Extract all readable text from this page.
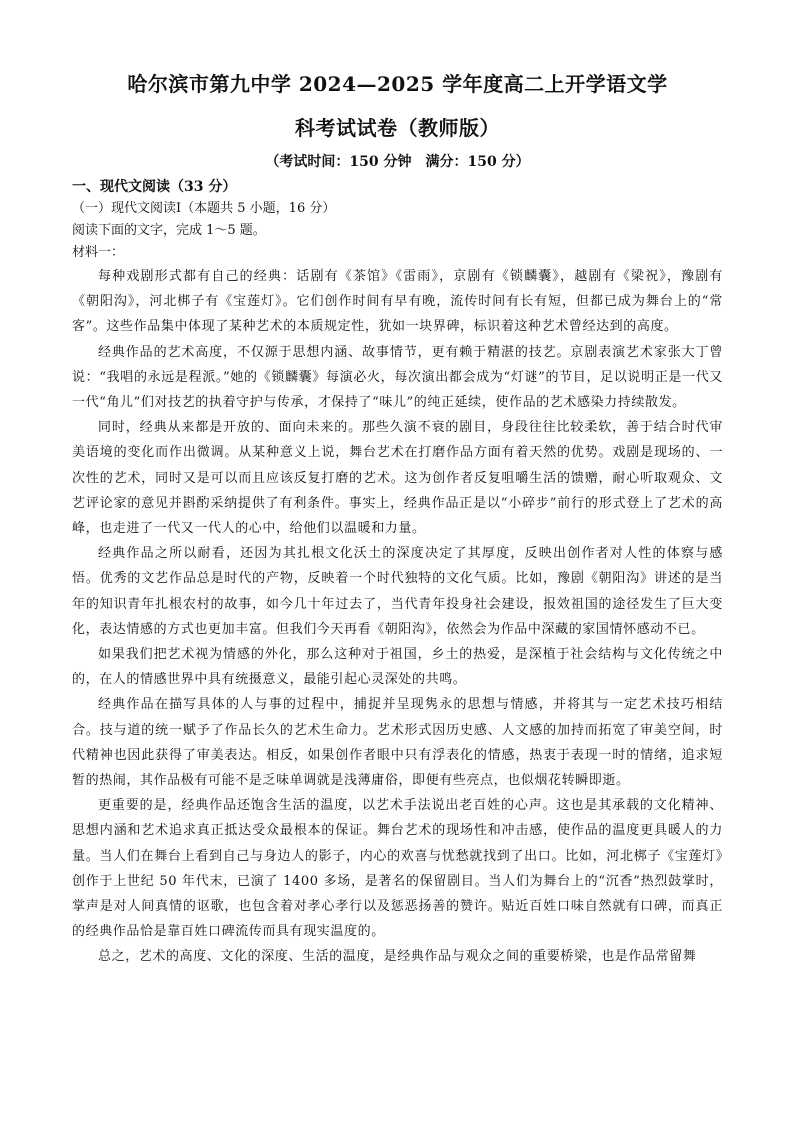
哈尔滨市第九中学 2024—2025 学年度高二上开学语文学
科考试试卷（教师版）
（考试时间：150 分钟　满分：150 分）
一、现代文阅读（33 分）
（一）现代文阅读Ⅰ（本题共 5 小题，16 分）
阅读下面的文字，完成 1～5 题。
材料一：

每种戏剧形式都有自己的经典：话剧有《茶馆》《雷雨》，京剧有《锁麟囊》，越剧有《梁祝》，豫剧有《朝阳沟》，河北梆子有《宝莲灯》。它们创作时间有早有晚，流传时间有长有短，但都已成为舞台上的“常客”。这些作品集中体现了某种艺术的本质规定性，犹如一块界碑，标识着这种艺术曾经达到的高度。

经典作品的艺术高度，不仅源于思想内涵、故事情节，更有赖于精湛的技艺。京剧表演艺术家张大丁曾说：“我唱的永远是程派。”她的《锁麟囊》每演必火，每次演出都会成为“灯谜”的节目，足以说明正是一代又一代“角儿”们对技艺的执着守护与传承，才保持了“味儿”的纯正延续，使作品的艺术感染力持续散发。

同时，经典从来都是开放的、面向未来的。那些久演不衰的剧目，身段往往比较柔软，善于结合时代审美语境的变化而作出微调。从某种意义上说，舞台艺术在打磨作品方面有着天然的优势。戏剧是现场的、一次性的艺术，同时又是可以而且应该反复打磨的艺术。这为创作者反复咀嚼生活的馈赠，耐心听取观众、文艺评论家的意见并斟酌采纳提供了有利条件。事实上，经典作品正是以“小碎步”前行的形式登上了艺术的高峰，也走进了一代又一代人的心中，给他们以温暖和力量。

经典作品之所以耐看，还因为其扎根文化沃土的深度决定了其厚度，反映出创作者对人性的体察与感悟。优秀的文艺作品总是时代的产物，反映着一个时代独特的文化气质。比如，豫剧《朝阳沟》讲述的是当年的知识青年扎根农村的故事，如今几十年过去了，当代青年投身社会建设，报效祖国的途径发生了巨大变化，表达情感的方式也更加丰富。但我们今天再看《朝阳沟》，依然会为作品中深藏的家国情怀感动不已。

如果我们把艺术视为情感的外化，那么这种对于祖国，乡土的热爱，是深植于社会结构与文化传统之中的，在人的情感世界中具有统摄意义，最能引起心灵深处的共鸣。

经典作品在描写具体的人与事的过程中，捕捉并呈现隽永的思想与情感，并将其与一定艺术技巧相结合。技与道的统一赋予了作品长久的艺术生命力。艺术形式因历史感、人文感的加持而拓宽了审美空间，时代精神也因此获得了审美表达。相反，如果创作者眼中只有浮表化的情感，热衷于表现一时的情绪，追求短暂的热闹，其作品极有可能不是乏味单调就是浅薄庸俗，即便有些亮点，也似烟花转瞬即逝。

更重要的是，经典作品还饱含生活的温度，以艺术手法说出老百姓的心声。这也是其承载的文化精神、思想内涵和艺术追求真正抵达受众最根本的保证。舞台艺术的现场性和冲击感，使作品的温度更具暖人的力量。当人们在舞台上看到自己与身边人的影子，内心的欢喜与忧愁就找到了出口。比如，河北梆子《宝莲灯》创作于上世纪 50 年代末，已演了 1400 多场，是著名的保留剧目。当人们为舞台上的“沉香”热烈鼓掌时，掌声是对人间真情的讴歌，也包含着对孝心孝行以及惩恶扬善的赞许。贴近百姓口味自然就有口碑，而真正的经典作品恰是靠百姓口碑流传而具有现实温度的。

总之，艺术的高度、文化的深度、生活的温度，是经典作品与观众之间的重要桥梁，也是作品常留舞
